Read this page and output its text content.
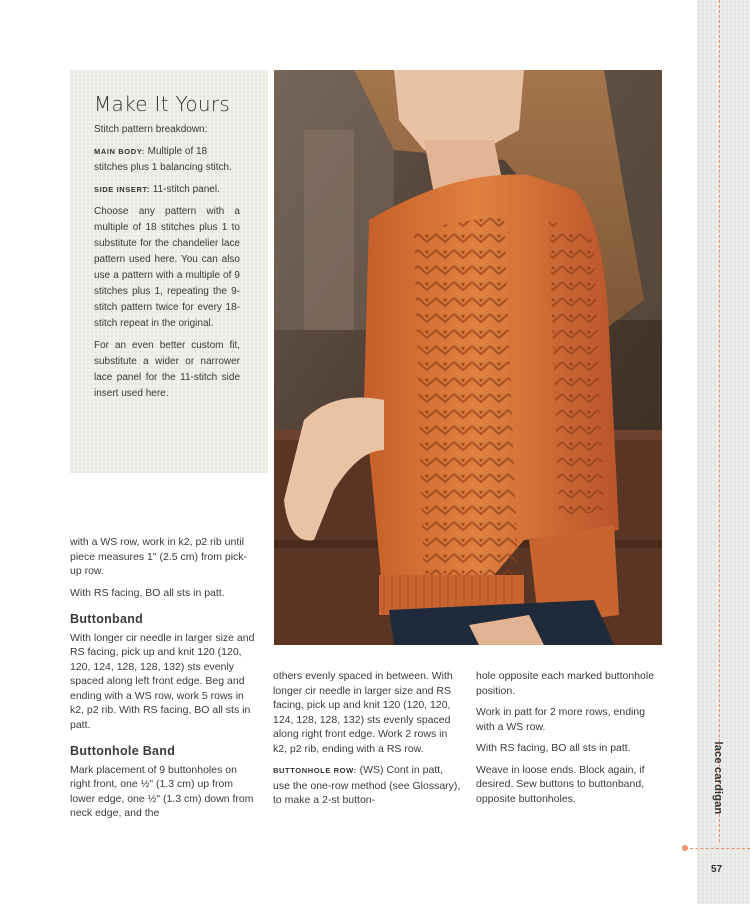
lace cardigan
57
Make It Yours

Stitch pattern breakdown:

MAIN BODY: Multiple of 18 stitches plus 1 balancing stitch.

SIDE INSERT: 11-stitch panel.

Choose any pattern with a multiple of 18 stitches plus 1 to substitute for the chandelier lace pattern used here. You can also use a pattern with a multiple of 9 stitches plus 1, repeating the 9-stitch pattern twice for every 18-stitch repeat in the original.

For an even better custom fit, substitute a wider or narrower lace panel for the 11-stitch side insert used here.

with a WS row, work in k2, p2 rib until piece measures 1" (2.5 cm) from pick-up row.

With RS facing, BO all sts in patt.

Buttonband

With longer cir needle in larger size and RS facing, pick up and knit 120 (120, 120, 124, 128, 128, 132) sts evenly spaced along left front edge. Beg and ending with a WS row, work 5 rows in k2, p2 rib. With RS facing, BO all sts in patt.

Buttonhole Band

Mark placement of 9 buttonholes on right front, one ½" (1.3 cm) up from lower edge, one ½" (1.3 cm) down from neck edge, and the

others evenly spaced in between. With longer cir needle in larger size and RS facing, pick up and knit 120 (120, 120, 124, 128, 128, 132) sts evenly spaced along right front edge. Work 2 rows in k2, p2 rib, ending with a RS row.

BUTTONHOLE ROW: (WS) Cont in patt, use the one-row method (see Glossary), to make a 2-st button-

hole opposite each marked buttonhole position.

Work in patt for 2 more rows, ending with a WS row.

With RS facing, BO all sts in patt.

Weave in loose ends. Block again, if desired. Sew buttons to buttonband, opposite buttonholes.
